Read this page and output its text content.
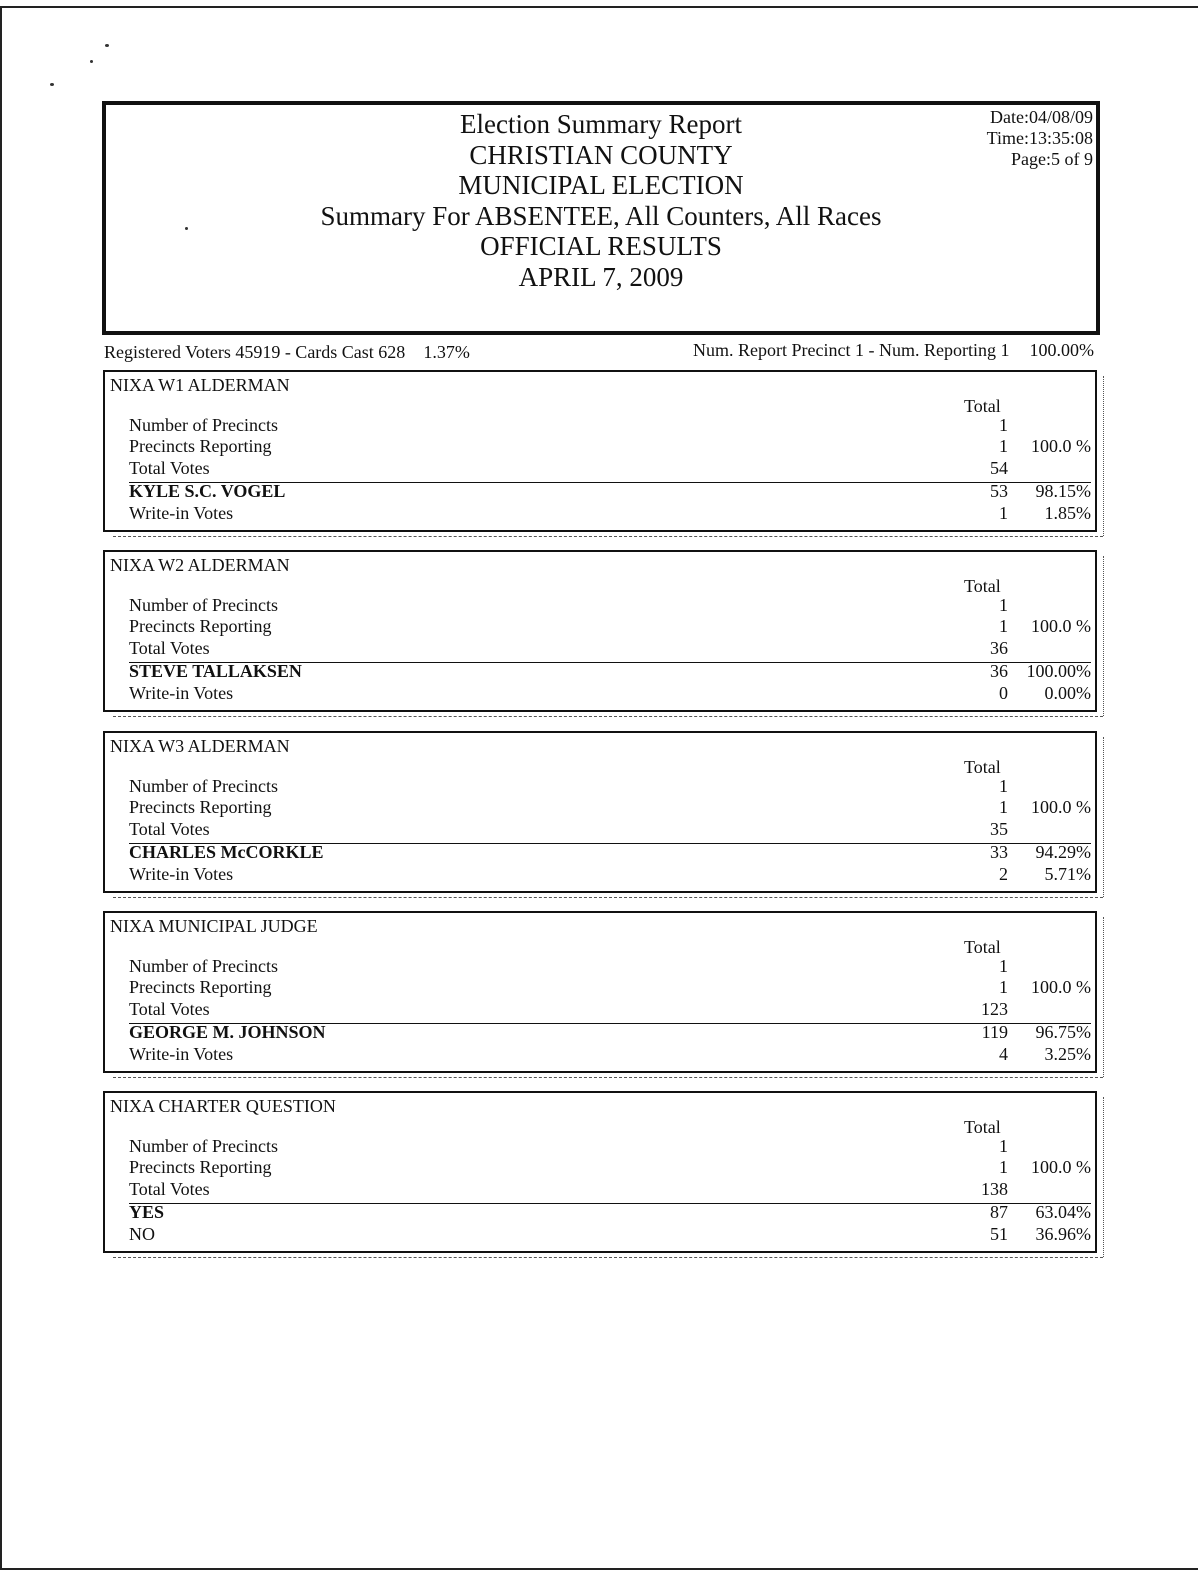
Election Summary Report
CHRISTIAN COUNTY
MUNICIPAL ELECTION
Summary For ABSENTEE, All Counters, All Races
OFFICIAL RESULTS
APRIL 7, 2009
Date:04/08/09
Time:13:35:08
Page:5 of 9
Registered Voters 45919 - Cards Cast 628 1.37%	Num. Report Precinct 1 - Num. Reporting 1 100.00%
NIXA W1 ALDERMAN
Total
Number of Precincts	1
Precincts Reporting	1 100.0 %
Total Votes	54
KYLE S.C. VOGEL	53 98.15%
Write-in Votes	1 1.85%
NIXA W2 ALDERMAN
Total
Number of Precincts	1
Precincts Reporting	1 100.0 %
Total Votes	36
STEVE TALLAKSEN	36 100.00%
Write-in Votes	0 0.00%
NIXA W3 ALDERMAN
Total
Number of Precincts	1
Precincts Reporting	1 100.0 %
Total Votes	35
CHARLES McCORKLE	33 94.29%
Write-in Votes	2 5.71%
NIXA MUNICIPAL JUDGE
Total
Number of Precincts	1
Precincts Reporting	1 100.0 %
Total Votes	123
GEORGE M. JOHNSON	119 96.75%
Write-in Votes	4 3.25%
NIXA CHARTER QUESTION
Total
Number of Precincts	1
Precincts Reporting	1 100.0 %
Total Votes	138
YES	87 63.04%
NO	51 36.96%
